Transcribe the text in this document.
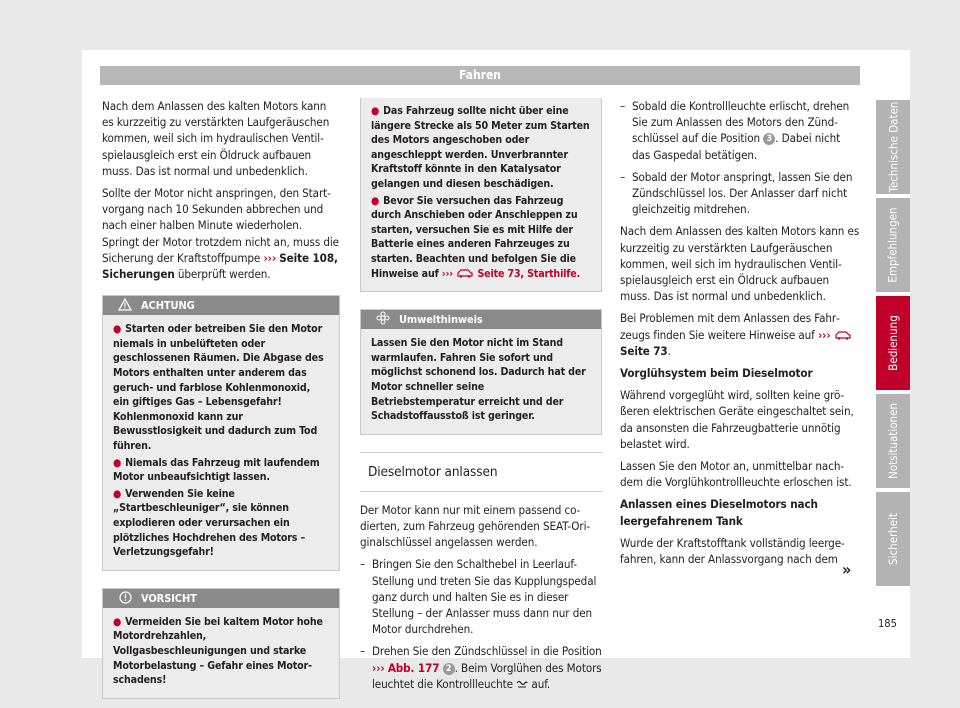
Fahren

Nach dem Anlassen des kalten Motors kann es kurzzeitig zu verstärkten Laufgeräuschen kommen, weil sich im hydraulischen Ventilspielausgleich erst ein Öldruck aufbauen muss. Das ist normal und unbedenklich.

Sollte der Motor nicht anspringen, den Startvorgang nach 10 Sekunden abbrechen und nach einer halben Minute wiederholen. Springt der Motor trotzdem nicht an, muss die Sicherung der Kraftstoffpumpe ››› Seite 108, Sicherungen überprüft werden.

ACHTUNG

● Starten oder betreiben Sie den Motor niemals in unbelüfteten oder geschlossenen Räumen. Die Abgase des Motors enthalten unter anderem das geruch- und farblose Kohlenmonoxid, ein giftiges Gas – Lebensgefahr! Kohlenmonoxid kann zur Bewusstlosigkeit und dadurch zum Tod führen.

● Niemals das Fahrzeug mit laufendem Motor unbeaufsichtigt lassen.

● Verwenden Sie keine „Startbeschleuniger“, sie können explodieren oder verursachen ein plötzliches Hochdrehen des Motors – Verletzungsgefahr!

VORSICHT

● Vermeiden Sie bei kaltem Motor hohe Motordrehzahlen, Vollgasbeschleunigungen und starke Motorbelastung – Gefahr eines Motorschadens!

● Das Fahrzeug sollte nicht über eine längere Strecke als 50 Meter zum Starten des Motors angeschoben oder angeschleppt werden. Unverbrannter Kraftstoff könnte in den Katalysator gelangen und diesen beschädigen.

● Bevor Sie versuchen das Fahrzeug durch Anschieben oder Anschleppen zu starten, versuchen Sie es mit Hilfe der Batterie eines anderen Fahrzeuges zu starten. Beachten und befolgen Sie die Hinweise auf ››› Seite 73, Starthilfe.

Umwelthinweis

Lassen Sie den Motor nicht im Stand warmlaufen. Fahren Sie sofort und möglichst schonend los. Dadurch hat der Motor schneller seine Betriebstemperatur erreicht und der Schadstoffausstoß ist geringer.

Dieselmotor anlassen

Der Motor kann nur mit einem passend codierten, zum Fahrzeug gehörenden SEAT-Originalschlüssel angelassen werden.

– Bringen Sie den Schalthebel in Leerlauf-Stellung und treten Sie das Kupplungspedal ganz durch und halten Sie es in dieser Stellung – der Anlasser muss dann nur den Motor durchdrehen.
– Drehen Sie den Zündschlüssel in die Position ››› Abb. 177 2 . Beim Vorglühen des Motors leuchtet die Kontrollleuchte auf.
– Sobald die Kontrollleuchte erlischt, drehen Sie zum Anlassen des Motors den Zündschlüssel auf die Position 3 . Dabei nicht das Gaspedal betätigen.
– Sobald der Motor anspringt, lassen Sie den Zündschlüssel los. Der Anlasser darf nicht gleichzeitig mitdrehen.

Nach dem Anlassen des kalten Motors kann es kurzzeitig zu verstärkten Laufgeräuschen kommen, weil sich im hydraulischen Ventilspielausgleich erst ein Öldruck aufbauen muss. Das ist normal und unbedenklich.

Bei Problemen mit dem Anlassen des Fahrzeugs finden Sie weitere Hinweise auf ›››  Seite 73.

Vorglühsystem beim Dieselmotor

Während vorgeglüht wird, sollten keine größeren elektrischen Geräte eingeschaltet sein, da ansonsten die Fahrzeugbatterie unnötig belastet wird.

Lassen Sie den Motor an, unmittelbar nachdem die Vorglühkontrollleuchte erloschen ist.

Anlassen eines Dieselmotors nach leergefahrenem Tank

Wurde der Kraftstofftank vollständig leergefahren, kann der Anlassvorgang nach dem

»
Technische Daten
Empfehlungen
Bedienung
Notsituationen
Sicherheit
185
